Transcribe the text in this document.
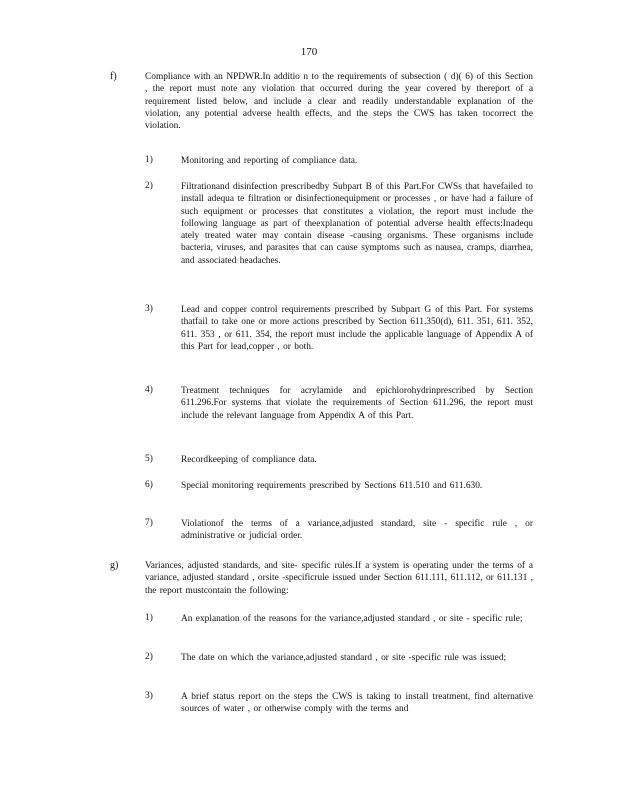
170
f)	Compliance with an NPDWR.In additio n to the requirements of subsection ( d)( 6) of this Section , the report must note any violation that occurred during the year covered by thereport of a requirement listed below, and include a clear and readily understandable explanation of the violation, any potential adverse health effects, and the steps the CWS has taken tocorrect the violation.

1)	Monitoring and reporting of compliance data.

2)	Filtrationand disinfection prescribedby Subpart B of this Part.For CWSs that havefailed to install adequa te filtration or disinfectionequipment or processes , or have had a failure of such equipment or processes that constitutes a violation, the report must include the following language as part of theexplanation of potential adverse health effects:Inadequ ately treated water may contain disease -causing organisms. These organisms include bacteria, viruses, and parasites that can cause symptoms such as nausea, cramps, diarrhea, and associated headaches.

3)	Lead and copper control requirements prescribed by Subpart G of this Part. For systems thatfail to take one or more actions prescribed by Section 611.350(d), 611. 351, 611. 352, 611. 353 , or 611. 354, the report must include the applicable language of Appendix A of this Part for lead,copper , or both.

4)	Treatment techniques for acrylamide and epichlorohydrinprescribed by Section 611.296.For systems that violate the requirements of Section 611.296, the report must include the relevant language from Appendix A of this Part.

5)	Recordkeeping of compliance data.

6)	Special monitoring requirements prescribed by Sections 611.510 and 611.630.

7)	Violationof the terms of a variance,adjusted standard, site - specific rule , or administrative or judicial order.

g)	Variances, adjusted standards, and site- specific rules.If a system is operating under the terms of a variance, adjusted standard , orsite -specificrule issued under Section 611.111, 611.112, or 611.131 , the report mustcontain the following:

1)	An explanation of the reasons for the variance,adjusted standard , or site - specific rule;

2)	The date on which the variance,adjusted standard , or site -specific rule was issued;

3)	A brief status report on the steps the CWS is taking to install treatment, find alternative sources of water , or otherwise comply with the terms and
